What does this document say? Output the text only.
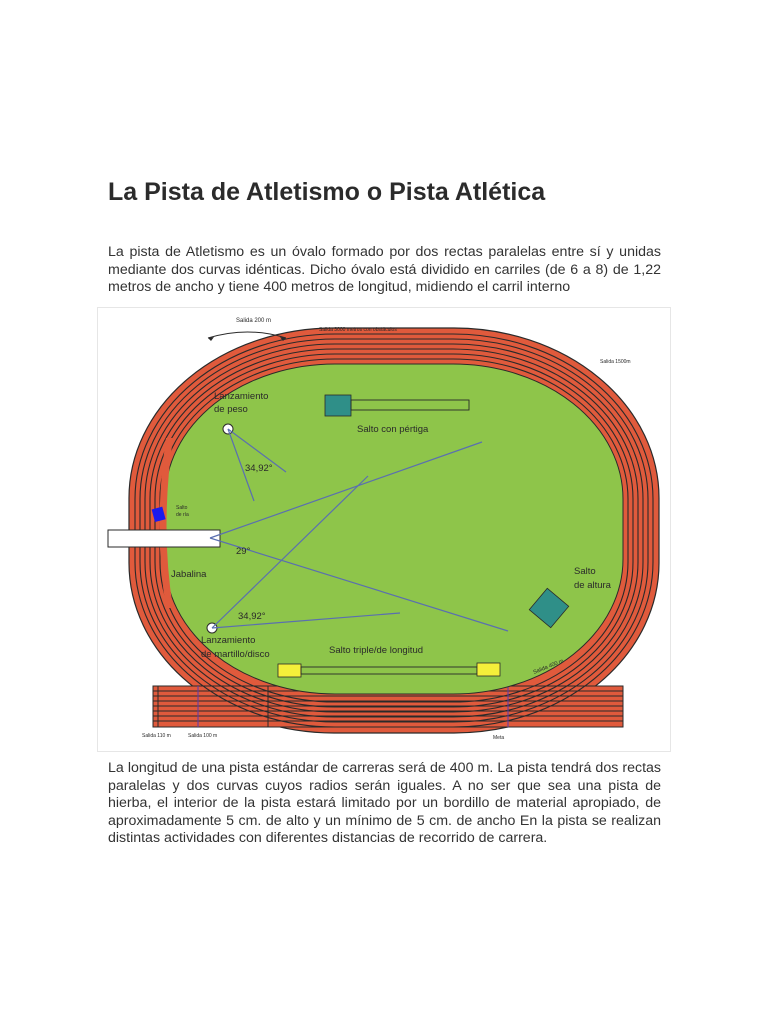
La Pista de Atletismo o Pista Atlética

La pista de Atletismo es un óvalo formado por dos rectas paralelas entre sí y unidas mediante dos curvas idénticas. Dicho óvalo está dividido en carriles (de 6 a 8) de 1,22 metros de ancho y tiene 400 metros de longitud, midiendo el carril interno

Salida 200 m
Salida 3000 metros con obstáculos
Salida 1500m
Lanzamiento
de peso
34,92°
Salto con pértiga
Salto
de ría
29°
Jabalina	Salto
de altura
34,92°
Lanzamiento
de martillo/disco	Salto triple/de longitud
Salida 400 m
Salida 110 m	Salida 100 m	Meta

La longitud de una pista estándar de carreras será de 400 m. La pista tendrá dos rectas paralelas y dos curvas cuyos radios serán iguales. A no ser que sea una pista de hierba, el interior de la pista estará limitado por un bordillo de material apropiado, de aproximadamente 5 cm. de alto y un mínimo de 5 cm. de ancho En la pista se realizan distintas actividades con diferentes distancias de recorrido de carrera.
